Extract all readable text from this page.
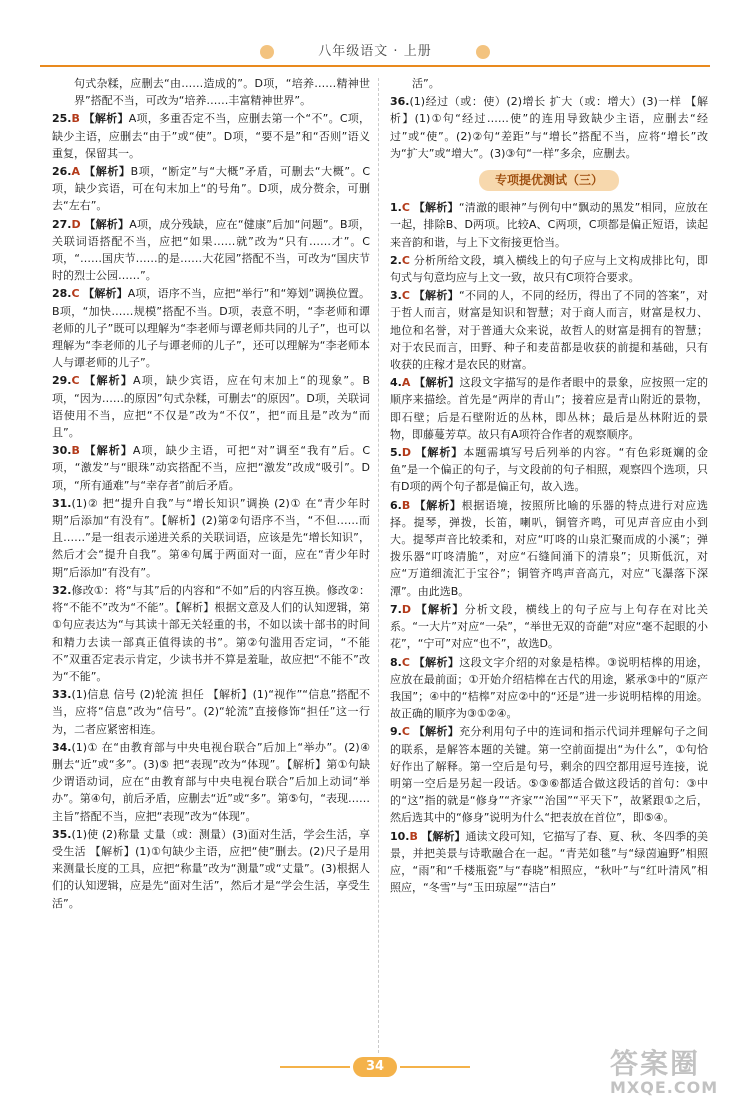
八年级语文 · 上册

句式杂糅，应删去“由……造成的”。D项，“培养……精神世界”搭配不当，可改为“培养……丰富精神世界”。

25.B 【 解析 】 A项，多重否定不当，应删去第一个“不”。C项，缺少主语，应删去“由于”或“使”。D项，“要不是”和“否则”语义重复，保留其一。

26.A 【 解析 】 B项，“断定”与“大概”矛盾，可删去“大概”。C项，缺少宾语，可在句末加上“的号角”。D项，成分赘余，可删去“左右”。

27.D 【 解析 】 A项，成分残缺，应在“健康”后加“问题”。B项，关联词语搭配不当，应把“如果……就”改为“只有……才”。C项，“……国庆节……的是……大花园”搭配不当，可改为“国庆节时的烈士公园……”。

28.C 【 解析 】 A项，语序不当，应把“举行”和“筹划”调换位置。B项，“加快……规模”搭配不当。D项，表意不明，“李老师和谭老师的儿子”既可以理解为“李老师与谭老师共同的儿子”，也可以理解为“李老师的儿子与谭老师的儿子”，还可以理解为“李老师本人与谭老师的儿子”。

29.C 【 解析 】 A项，缺少宾语，应在句末加上“的现象”。B项，“因为……的原因”句式杂糅，可删去“的原因”。D项，关联词语使用不当，应把“不仅是”改为“不仅”，把“而且是”改为“而且”。

30.B 【 解析 】 A项，缺少主语，可把“对”调至“我有”后。C项，“激发”与“眼珠”动宾搭配不当，应把“激发”改成“吸引”。D项，“所有通难”与“幸存者”前后矛盾。

31.(1)② 把“提升自我”与“增长知识”调换 (2)① 在“青少年时期”后添加“有没有”。【解析】(2)第②句语序不当，“不但……而且……”是一组表示递进关系的关联词语，应该是先“增长知识”，然后才会“提升自我”。第④句属于两面对一面，应在“青少年时期”后添加“有没有”。

32.修改①：将“与其”后的内容和“不如”后的内容互换。修改②：将“不能不”改为“不能”。【解析】根据文意及人们的认知逻辑，第①句应表达为“与其读十部无关轻重的书，不如以读十部书的时间和精力去读一部真正值得读的书”。第②句滥用否定词，“不能不”双重否定表示肯定，少读书并不算是羞耻，故应把“不能不”改为“不能”。

33.(1)信息 信号 (2)轮流 担任 【解析】(1)“视作”“信息”搭配不当，应将“信息”改为“信号”。(2)“轮流”直接修饰“担任”这一行为，二者应紧密相连。

34.(1)① 在“由教育部与中央电视台联合”后加上“举办”。(2)④ 删去“近”或“多”。(3)⑤ 把“表现”改为“体现”。【解析】第①句缺少谓语动词，应在“由教育部与中央电视台联合”后加上动词“举办”。第④句，前后矛盾，应删去“近”或“多”。第⑤句，“表现……主旨”搭配不当，应把“表现”改为“体现”。

35.(1)使 (2)称量 丈量（或：测量）(3)面对生活，学会生活，享受生活 【解析】(1)①句缺少主语，应把“使”删去。(2)尺子是用来测量长度的工具，应把“称量”改为“测量”或“丈量”。(3)根据人们的认知逻辑，应是先“面对生活”，然后才是“学会生活，享受生活”。

活”。

36.(1)经过（或：使）(2)增长 扩大（或：增大）(3)一样 【解析】(1)①句“经过……使”的连用导致缺少主语，应删去“经过”或“使”。(2)②句“差距”与“增长”搭配不当，应将“增长”改为“扩大”或“增大”。(3)③句“一样”多余，应删去。

专项提优测试（三）

1.C 【 解析 】 “清澈的眼神”与例句中“飘动的黑发”相同，应放在一起，排除B、D两项。比较A、C两项，C项都是偏正短语，读起来音韵和谐，与上下文衔接更恰当。

2.C 分析所给文段，填入横线上的句子应与上文构成排比句，即句式与句意均应与上文一致，故只有C项符合要求。

3.C 【 解析 】 “不同的人，不同的经历，得出了不同的答案”，对于哲人而言，财富是知识和智慧；对于商人而言，财富是权力、地位和名誉，对于普通大众来说，故哲人的财富是拥有的智慧；对于农民而言，田野、种子和麦苗都是收获的前提和基础，只有收获的庄稼才是农民的财富。

4.A 【 解析 】 这段文字描写的是作者眼中的景象，应按照一定的顺序来描绘。首先是“两岸的青山”；接着应是青山附近的景物，即石壁；后是石壁附近的丛林，即丛林；最后是丛林附近的景物，即藤蔓芳草。故只有A项符合作者的观察顺序。

5.D 【 解析 】 本题需填写号后列举的内容。“有色彩斑斓的金鱼”是一个偏正的句子，与文段前的句子相照，观察四个选项，只有D项的两个句子都是偏正句，故入选。

6.B 【 解析 】 根据语境，按照所比喻的乐器的特点进行对应选择。提琴，弹拨，长笛，喇叭，铜管齐鸣，可见声音应由小到大。提琴声音比较柔和，对应“叮咚的山泉汇聚而成的小溪”；弹拨乐器“叮咚清脆”，对应“石缝间涌下的清泉”；贝斯低沉，对应“万道细流汇于宝谷”；铜管齐鸣声音高亢，对应“飞瀑落下深潭”。由此选B。

7.D 【 解析 】 分析文段，横线上的句子应与上句存在对比关系。“一大片”对应“一朵”，“举世无双的奇葩”对应“毫不起眼的小花”，“宁可”对应“也不”，故选D。

8.C 【 解析 】 这段文字介绍的对象是桔槔。③说明桔槔的用途，应放在最前面；①开始介绍桔槔在古代的用途，紧承③中的“原产我国”；④中的“桔槔”对应②中的“还是”进一步说明桔槔的用途。故正确的顺序为③①②④。

9.C 【 解析 】 充分利用句子中的连词和指示代词并理解句子之间的联系，是解答本题的关键。第一空前面提出“为什么”，①句恰好作出了解释。第一空后是句号，剩余的四空都用逗号连接，说明第一空后是另起一段话。⑤③⑥都适合做这段话的首句：③中的“这”指的就是“修身”“齐家”“治国”“平天下”，故紧跟①之后，然后选其中的“修身”说明为什么“把表放在首位”，即⑤④。

10.B 【 解析 】 通读文段可知，它描写了春、夏、秋、冬四季的美景，并把美景与诗歌融合在一起。“青芜如毯”与“绿茵遍野”相照应，“雨”和“千楼瓶瓷”与“春晓”相照应，“秋叶”与“红叶清风”相照应，“冬雪”与“玉田琼屋”“洁白”

34	答案圈
MXQE.COM
